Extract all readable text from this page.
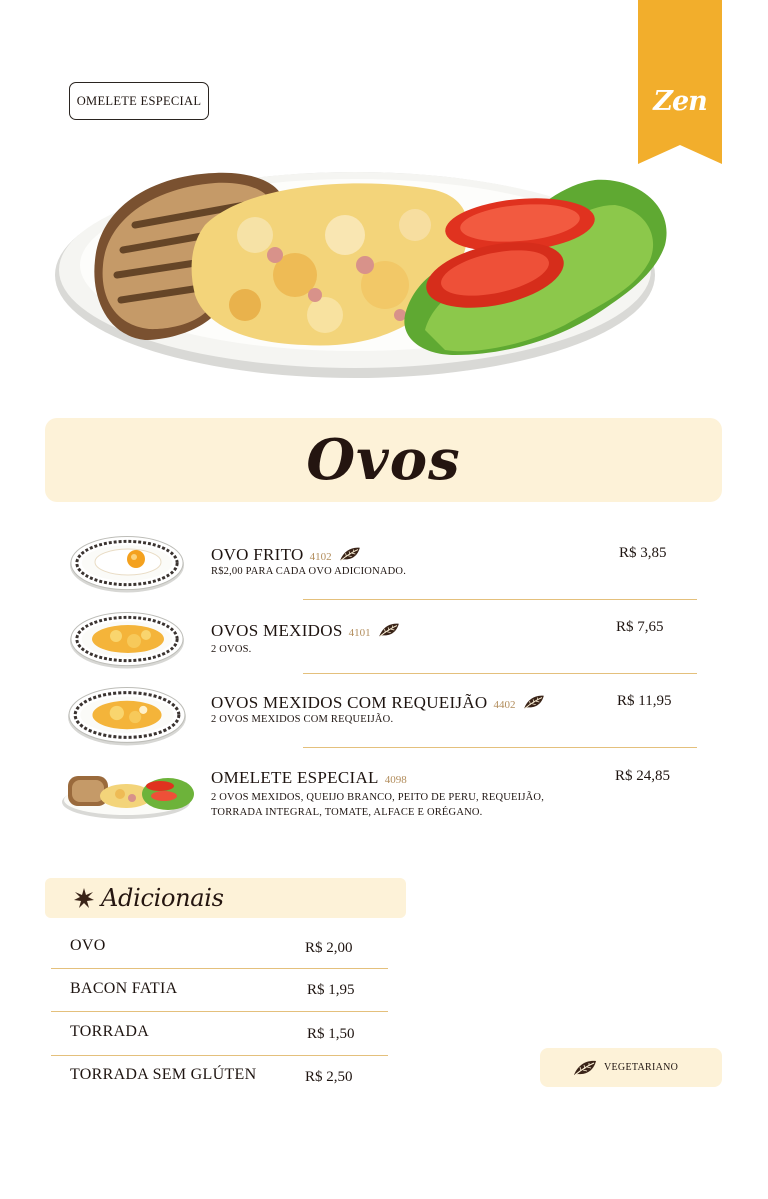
OMELETE ESPECIAL	Zen
Ovos
OVO FRITO 4102
R$2,00 PARA CADA OVO ADICIONADO.
R$ 3,85
OVOS MEXIDOS 4101
2 OVOS.
R$ 7,65
OVOS MEXIDOS COM REQUEIJÃO 4402
2 OVOS MEXIDOS COM REQUEIJÃO.
R$ 11,95
OMELETE ESPECIAL 4098
2 OVOS MEXIDOS, QUEIJO BRANCO, PEITO DE PERU, REQUEIJÃO,
TORRADA INTEGRAL, TOMATE, ALFACE E ORÉGANO.
R$ 24,85
Adicionais
OVO	R$ 2,00
BACON FATIA	R$ 1,95
TORRADA	R$ 1,50
TORRADA SEM GLÚTEN	R$ 2,50
VEGETARIANO
